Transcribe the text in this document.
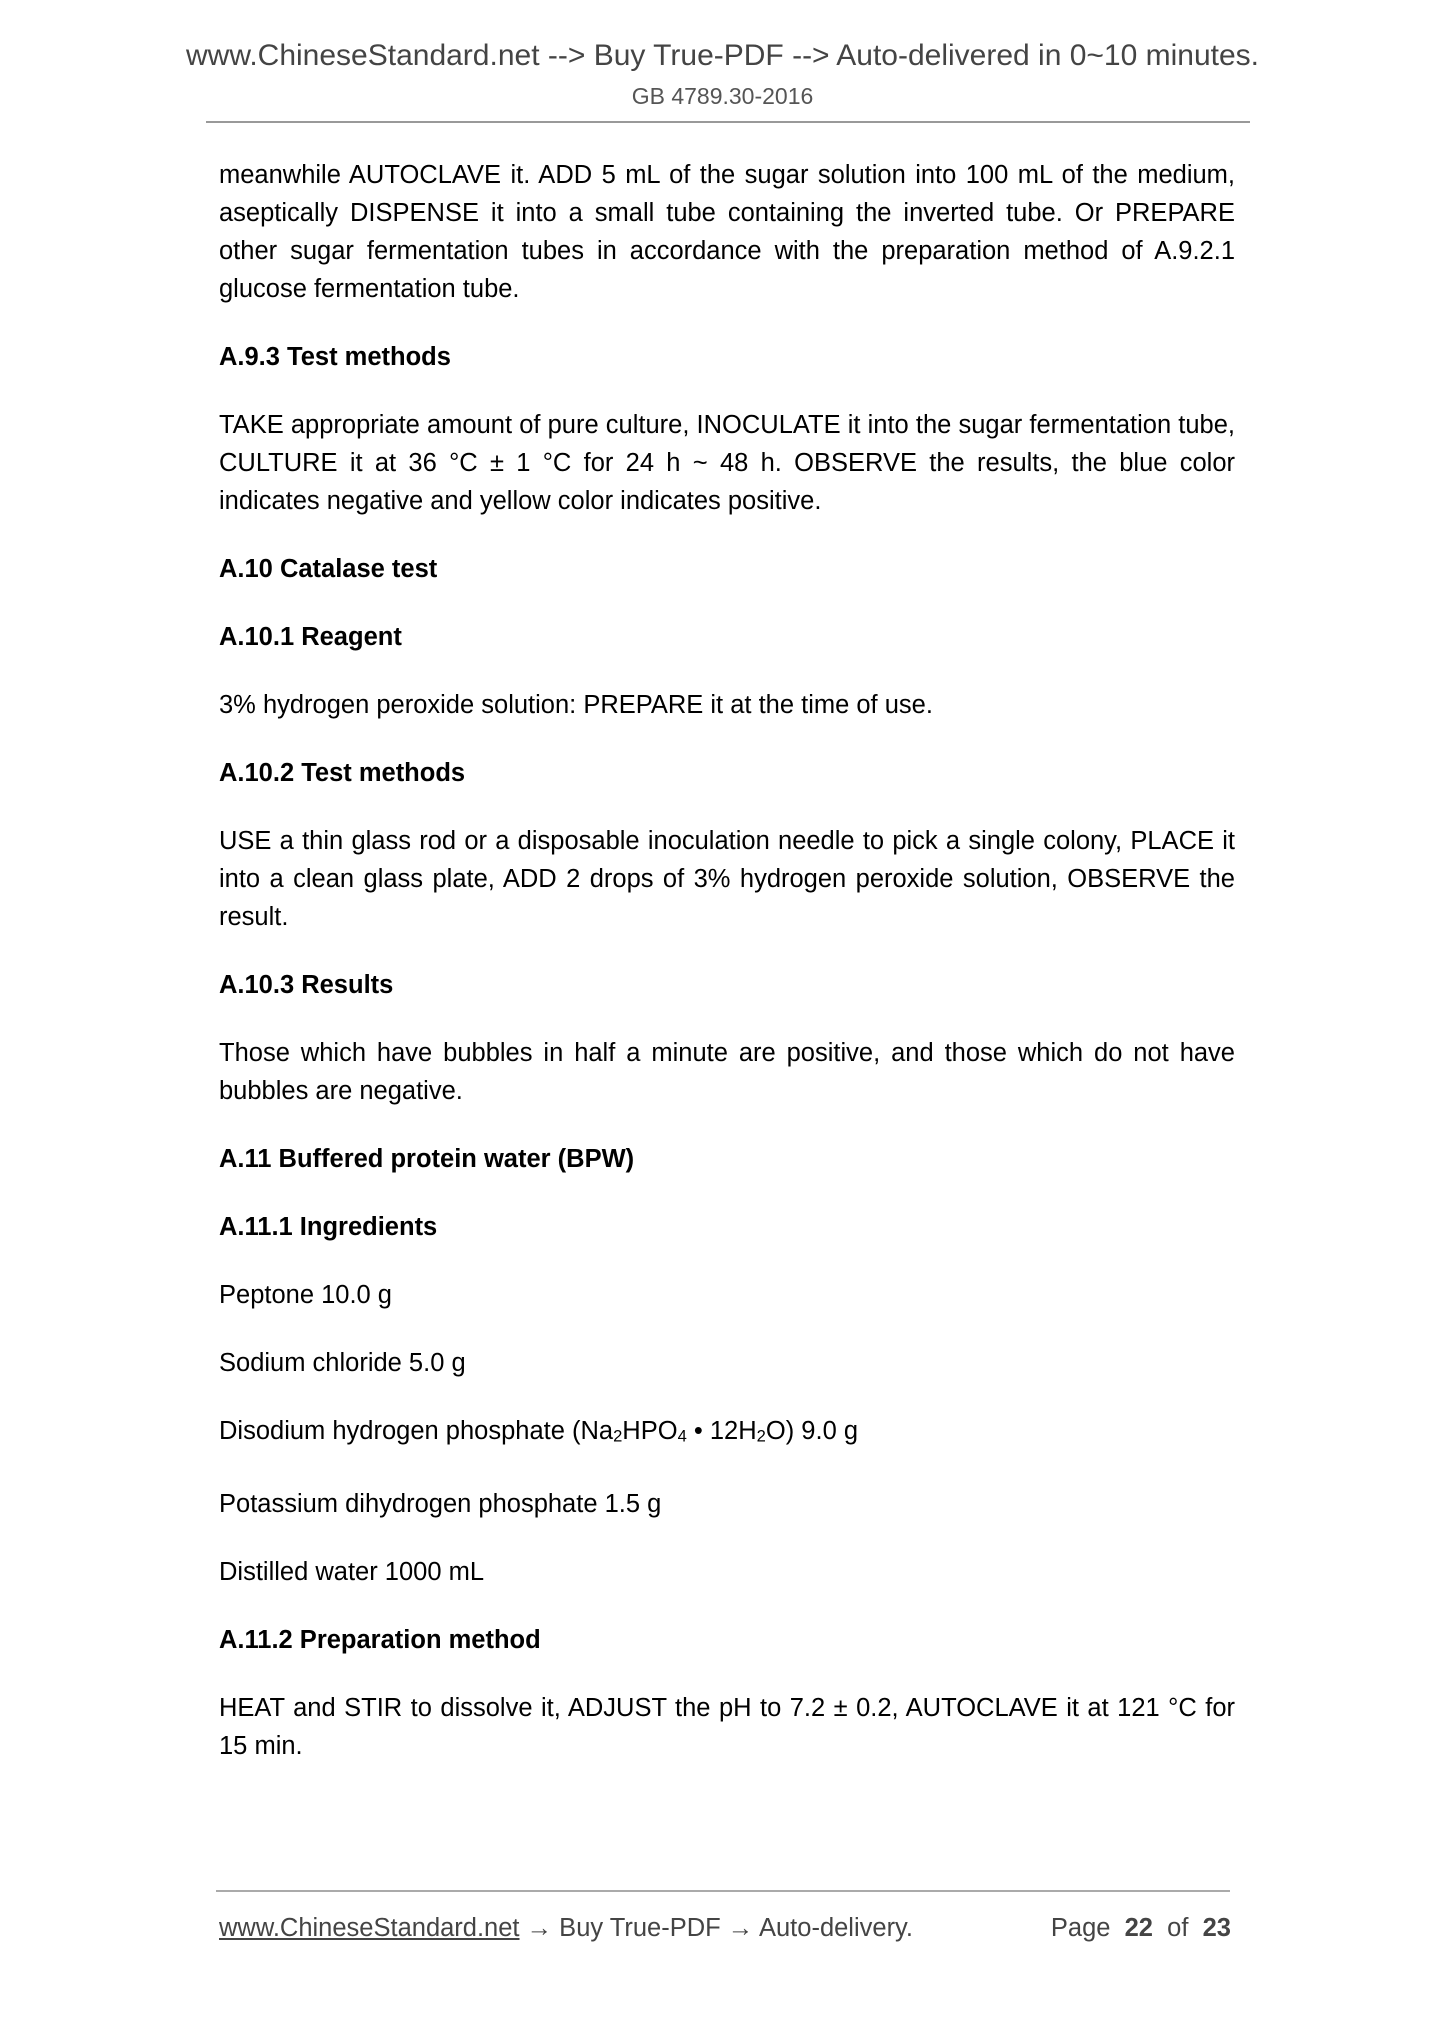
www.ChineseStandard.net --> Buy True-PDF --> Auto-delivered in 0~10 minutes.
GB 4789.30-2016

meanwhile AUTOCLAVE it. ADD 5 mL of the sugar solution into 100 mL of the medium, aseptically DISPENSE it into a small tube containing the inverted tube. Or PREPARE other sugar fermentation tubes in accordance with the preparation method of A.9.2.1 glucose fermentation tube.

A.9.3 Test methods

TAKE appropriate amount of pure culture, INOCULATE it into the sugar fermentation tube, CULTURE it at 36 °C ± 1 °C for 24 h ~ 48 h. OBSERVE the results, the blue color indicates negative and yellow color indicates positive.

A.10 Catalase test
A.10.1 Reagent

3% hydrogen peroxide solution: PREPARE it at the time of use.

A.10.2 Test methods

USE a thin glass rod or a disposable inoculation needle to pick a single colony, PLACE it into a clean glass plate, ADD 2 drops of 3% hydrogen peroxide solution, OBSERVE the result.

A.10.3 Results

Those which have bubbles in half a minute are positive, and those which do not have bubbles are negative.

A.11 Buffered protein water (BPW)
A.11.1 Ingredients

Peptone 10.0 g

Sodium chloride 5.0 g

Disodium hydrogen phosphate ($Na_2HPO_4$ • $12H_2O$) 9.0 g

Potassium dihydrogen phosphate 1.5 g

Distilled water 1000 mL

A.11.2 Preparation method

HEAT and STIR to dissolve it, ADJUST the pH to 7.2 ± 0.2, AUTOCLAVE it at 121 °C for 15 min.

www.ChineseStandard.net → Buy True-PDF → Auto-delivery.	Page 22 of 23
